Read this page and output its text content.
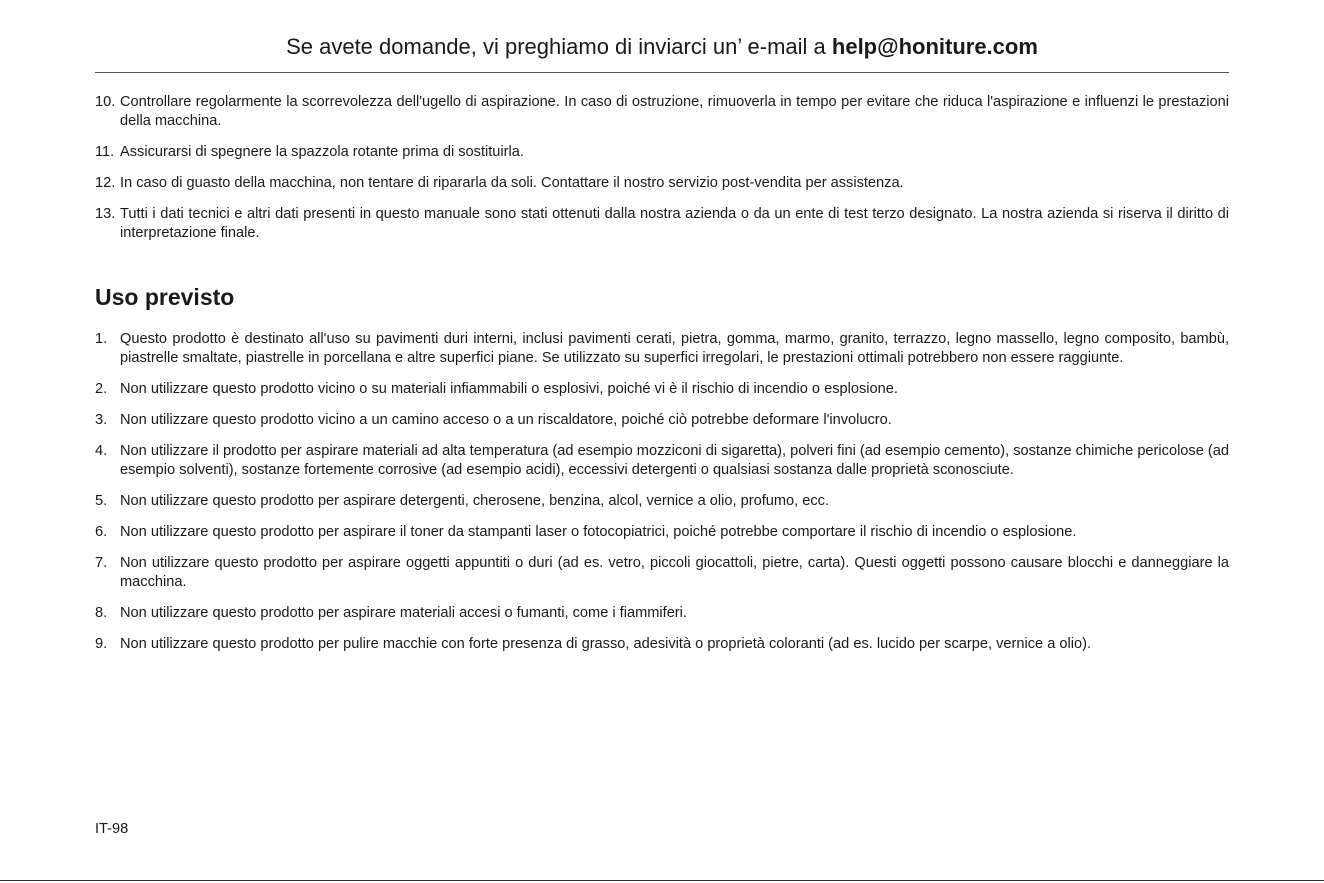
Se avete domande, vi preghiamo di inviarci un’ e-mail a help@honiture.com
10. Controllare regolarmente la scorrevolezza dell'ugello di aspirazione. In caso di ostruzione, rimuoverla in tempo per evitare che riduca l'aspirazione e influenzi le prestazioni della macchina.
11. Assicurarsi di spegnere la spazzola rotante prima di sostituirla.
12. In caso di guasto della macchina, non tentare di ripararla da soli. Contattare il nostro servizio post-vendita per assistenza.
13. Tutti i dati tecnici e altri dati presenti in questo manuale sono stati ottenuti dalla nostra azienda o da un ente di test terzo designato. La nostra azienda si riserva il diritto di interpretazione finale.
Uso previsto
1. Questo prodotto è destinato all'uso su pavimenti duri interni, inclusi pavimenti cerati, pietra, gomma, marmo, granito, terrazzo, legno massello, legno composito, bambù, piastrelle smaltate, piastrelle in porcellana e altre superfici piane. Se utilizzato su superfici irregolari, le prestazioni ottimali potrebbero non essere raggiunte.
2. Non utilizzare questo prodotto vicino o su materiali infiammabili o esplosivi, poiché vi è il rischio di incendio o esplosione.
3. Non utilizzare questo prodotto vicino a un camino acceso o a un riscaldatore, poiché ciò potrebbe deformare l'involucro.
4. Non utilizzare il prodotto per aspirare materiali ad alta temperatura (ad esempio mozziconi di sigaretta), polveri fini (ad esempio cemento), sostanze chimiche pericolose (ad esempio solventi), sostanze fortemente corrosive (ad esempio acidi), eccessivi detergenti o qualsiasi sostanza dalle proprietà sconosciute.
5. Non utilizzare questo prodotto per aspirare detergenti, cherosene, benzina, alcol, vernice a olio, profumo, ecc.
6. Non utilizzare questo prodotto per aspirare il toner da stampanti laser o fotocopiatrici, poiché potrebbe comportare il rischio di incendio o esplosione.
7. Non utilizzare questo prodotto per aspirare oggetti appuntiti o duri (ad es. vetro, piccoli giocattoli, pietre, carta). Questi oggetti possono causare blocchi e danneggiare la macchina.
8. Non utilizzare questo prodotto per aspirare materiali accesi o fumanti, come i fiammiferi.
9. Non utilizzare questo prodotto per pulire macchie con forte presenza di grasso, adesività o proprietà coloranti (ad es. lucido per scarpe, vernice a olio).
IT-98
